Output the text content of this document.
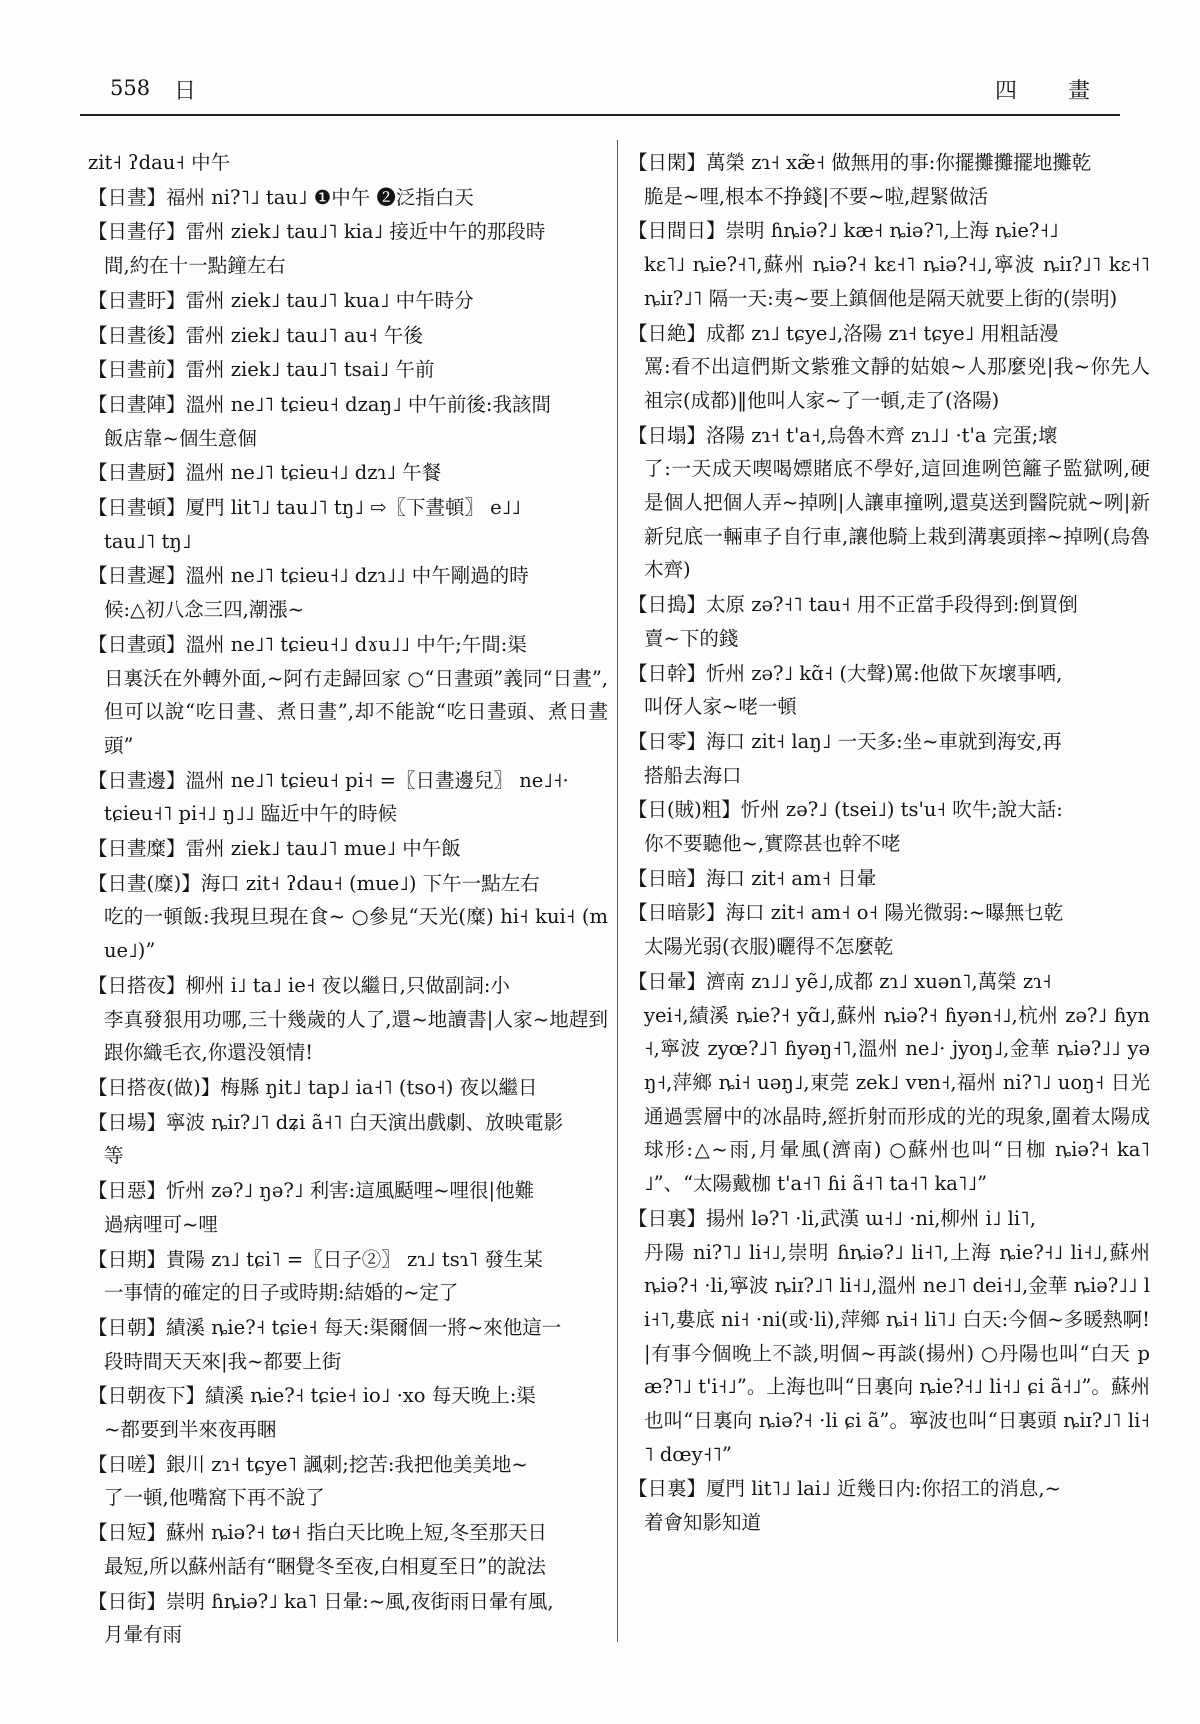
558 日	四 畫
zit˧ ʔdau˧ 中午
【日晝】福州 ni?˥˩ tau˩ ❶中午 ❷泛指白天
【日晝仔】雷州 ziek˩ tau˩˥ kia˩ 接近中午的那段時
間,約在十一點鐘左右
【日晝盱】雷州 ziek˩ tau˩˥ kua˩ 中午時分
【日晝後】雷州 ziek˩ tau˩˥ au˧ 午後
【日晝前】雷州 ziek˩ tau˩˥ tsai˩ 午前
【日晝陣】溫州 ne˩˥ tɕieu˧ dzaŋ˩ 中午前後:我該間
飯店靠~個生意個
【日晝厨】溫州 ne˩˥ tɕieu˧˩ dzɿ˩ 午餐
【日晝頓】厦門 lit˥˩ tau˩˥ tŋ˩ ⇨〖下晝頓〗 e˩˩
tau˩˥ tŋ˩
【日晝遲】溫州 ne˩˥ tɕieu˧˩ dzɿ˩˩ 中午剛過的時
候:△初八念三四,潮漲~
【日晝頭】溫州 ne˩˥ tɕieu˧˩ dɤu˩˩ 中午;午間:渠
日裏沃在外轉外面,~阿冇走歸回家 ○“日晝頭”義同“日晝”,但可以說“吃日晝、煮日晝”,却不能說“吃日晝頭、煮日晝頭”
【日晝邊】溫州 ne˩˥ tɕieu˧ pi˧ =〖日晝邊兒〗 ne˩˧·
tɕieu˧˥ pi˧˩ ŋ˩˩ 臨近中午的時候
【日晝糜】雷州 ziek˩ tau˩˥ mue˩ 中午飯
【日晝(糜)】海口 zit˧ ʔdau˧ (mue˩) 下午一點左右
吃的一頓飯:我現旦現在食~ ○參見“天光(糜) hi˧ kui˧ (mue˩)”
【日搭夜】柳州 i˩ ta˩ ie˧ 夜以繼日,只做副詞:小
李真發狠用功哪,三十幾歲的人了,還~地讀書|人家~地趕到跟你織毛衣,你還没領情!
【日搭夜(做)】梅縣 ŋit˩ tap˩ ia˧˥ (tso˧) 夜以繼日
【日場】寧波 ȵiɪ?˩˥ dʑi ã˧˥ 白天演出戲劇、放映電影
等
【日惡】忻州 zə?˩ ŋə?˩ 利害:這風颳哩~哩很|他難
過病哩可~哩
【日期】貴陽 zɿ˩ tɕi˥ =〖日子②〗 zɿ˩ tsɿ˥ 發生某
一事情的確定的日子或時期:結婚的~定了
【日朝】績溪 ȵie?˧ tɕie˧ 每天:渠爾個一將~來他這一
段時間天天來|我~都要上街
【日朝夜下】績溪 ȵie?˧ tɕie˧ io˩ ·xo 每天晚上:渠
~都要到半來夜再睏
【日嗟】銀川 zɿ˧ tɕye˥ 諷刺;挖苦:我把他美美地~
了一頓,他嘴窩下再不說了
【日短】蘇州 ȵiə?˧ tø˧ 指白天比晚上短,冬至那天日
最短,所以蘇州話有“睏覺冬至夜,白相夏至日”的說法
【日街】崇明 ɦȵiə?˩ ka˥ 日暈:~風,夜街雨日暈有風,
月暈有雨
【日閑】萬榮 zɿ˧ xæ̃˧ 做無用的事:你擺攤攤擺地攤乾
脆是~哩,根本不挣錢|不要~啦,趕緊做活
【日間日】崇明 ɦȵiə?˩ kæ˧ ȵiə?˥,上海 ȵie?˧˩
kɛ˥˩ ȵie?˧˥,蘇州 ȵiə?˧ kɛ˧˥ ȵiə?˧˩,寧波 ȵiɪ?˩˥ kɛ˧˥ ȵiɪ?˩˥ 隔一天:夷~要上鎮個他是隔天就要上街的(崇明)
【日絶】成都 zɿ˩ tɕye˩,洛陽 zɿ˧ tɕye˩ 用粗話漫
罵:看不出這們斯文紫雅文靜的姑娘~人那麼兇|我~你先人祖宗(成都)‖他叫人家~了一頓,走了(洛陽)
【日塌】洛陽 zɿ˧ t'a˧,烏魯木齊 zɿ˩˩ ·t'a 完蛋;壞
了:一天成天喫喝嫖賭底不學好,這回進咧笆籬子監獄咧,硬是個人把個人弄~掉咧|人讓車撞咧,還莫送到醫院就~咧|新新兒底一輛車子自行車,讓他騎上栽到溝裏頭摔~掉咧(烏魯木齊)
【日搗】太原 zə?˧˥ tau˧ 用不正當手段得到:倒買倒
賣~下的錢
【日幹】忻州 zə?˩ kɑ̃˧ (大聲)罵:他做下灰壞事哂,
叫伢人家~咾一頓
【日零】海口 zit˧ laŋ˩ 一天多:坐~車就到海安,再
搭船去海口
【日(賊)粗】忻州 zə?˩ (tsei˩) ts'u˧ 吹牛;說大話:
你不要聽他~,實際甚也幹不咾
【日暗】海口 zit˧ am˧ 日暈
【日暗影】海口 zit˧ am˧ o˧ 陽光微弱:~曝無乜乾
太陽光弱(衣服)曬得不怎麼乾
【日暈】濟南 zɿ˩˩ yẽ˩,成都 zɿ˩ xuən˥,萬榮 zɿ˧
yei˧,績溪 ȵie?˧ yɑ̃˩,蘇州 ȵiə?˧ ɦyən˧˩,杭州 zə?˩ ɦyn˧,寧波 zyœ?˩˥ ɦyəŋ˧˥,溫州 ne˩· jyoŋ˩,金華 ȵiə?˩˩ yəŋ˧,萍鄉 ȵi˧ uəŋ˩,東莞 zek˩ vɐn˧,福州 ni?˥˩ uoŋ˧ 日光通過雲層中的冰晶時,經折射而形成的光的現象,圍着太陽成球形:△~雨,月暈風(濟南) ○蘇州也叫“日枷 ȵiə?˧ ka˥˩”、“太陽戴枷 t'a˧˥ ɦi ã˧˥ ta˧˥ ka˥˩”
【日裏】揚州 lə?˥ ·li,武漢 ɯ˧˩ ·ni,柳州 i˩ li˥,
丹陽 ni?˥˩ li˧˩,崇明 ɦȵiə?˩ li˧˥,上海 ȵie?˧˩ li˧˩,蘇州 ȵiə?˧ ·li,寧波 ȵiɪ?˩˥ li˧˩,溫州 ne˩˥ dei˧˩,金華 ȵiə?˩˩ li˧˥,婁底 ni˧ ·ni(或·li),萍鄉 ȵi˧ li˥˩ 白天:今個~多暖熱啊!|有事今個晚上不談,明個~再談(揚州) ○丹陽也叫“白天 pæ?˥˩ t'i˧˩”。上海也叫“日裏向 ȵie?˧˩ li˧˩ ɕi ã˧˩”。蘇州也叫“日裏向 ȵiə?˧ ·li ɕi ã”。寧波也叫“日裏頭 ȵiɪ?˩˥ li˧˥ dœy˧˥”
【日裏】厦門 lit˥˩ lai˩ 近幾日内:你招工的消息,~
着會知影知道
